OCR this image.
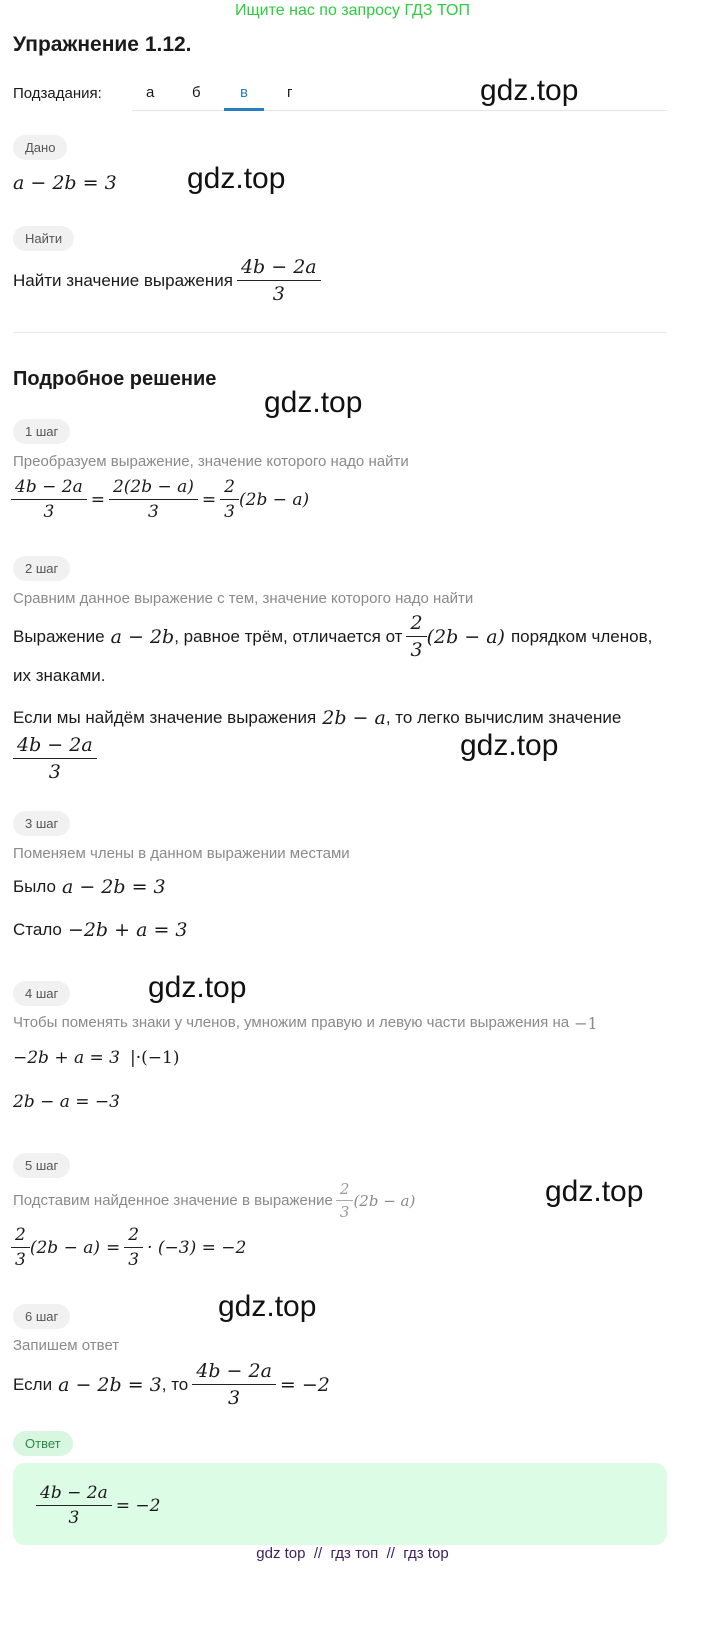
Ищите нас по запросу ГДЗ ТОП
Упражнение 1.12.
Подзадания:	а	б	в	г	gdz.top
gdz.top
gdz.top
gdz.top
gdz.top
gdz.top
gdz.top
Дано
a − 2b = 3
Найти
Найти значение выражения $\frac{4b - 2a}{3}$
Подробное решение
1 шаг
Преобразуем выражение, значение которого надо найти
$\frac{4b - 2a}{3} = \frac{2(2b - a)}{3} = \frac{2}{3} (2b - a)$
2 шаг
Сравним данное выражение с тем, значение которого надо найти
Выражение a − 2b , равное трём, отличается от $\frac{2}{3} (2b - a)$ порядком членов,
их знаками.
Если мы найдём значение выражения 2b − a , то легко вычислим значение
$\frac{4b - 2a}{3}$
3 шаг
Поменяем члены в данном выражении местами
Было a − 2b = 3
Стало −2b + a = 3
4 шаг
Чтобы поменять знаки у членов, умножим правую и левую части выражения на −1
−2b + a = 3 |·(−1)
2b − a = −3
5 шаг
Подставим найденное значение в выражение $\frac{2}{3} (2b - a)$
$\frac{2}{3} (2b - a) = \frac{2}{3} \cdot (-3) = -2$
6 шаг
Запишем ответ
Если a − 2b = 3 , то $\frac{4b - 2a}{3} = -2$
Ответ
$\frac{4b - 2a}{3} = -2$
gdz top  //  гдз топ  //  гдз top
